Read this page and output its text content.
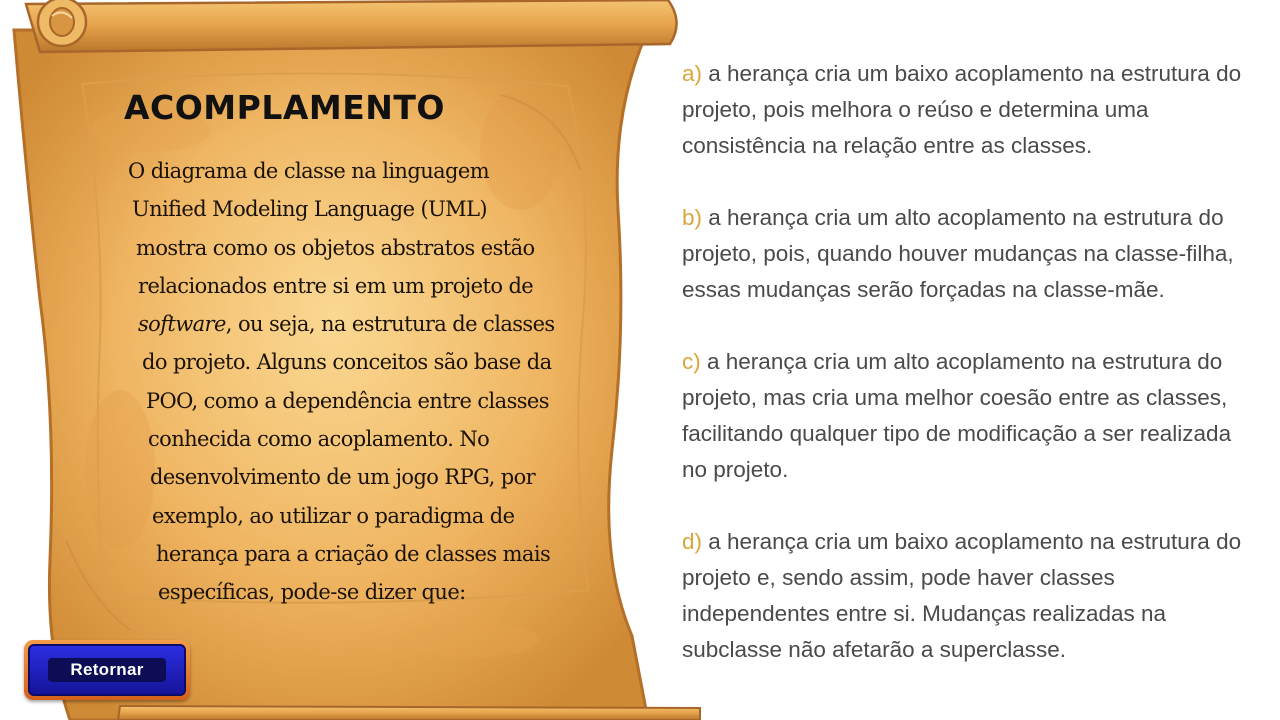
ACOMPLAMENTO
O diagrama de classe na linguagem
Unified Modeling Language (UML)
mostra como os objetos abstratos estão
relacionados entre si em um projeto de
software, ou seja, na estrutura de classes
do projeto. Alguns conceitos são base da
POO, como a dependência entre classes
conhecida como acoplamento. No
desenvolvimento de um jogo RPG, por
exemplo, ao utilizar o paradigma de
herança para a criação de classes mais
específicas, pode-se dizer que:

a) a herança cria um baixo acoplamento na estrutura do projeto, pois melhora o reúso e determina uma consistência na relação entre as classes.

b) a herança cria um alto acoplamento na estrutura do projeto, pois, quando houver mudanças na classe-filha, essas mudanças serão forçadas na classe-mãe.

c) a herança cria um alto acoplamento na estrutura do projeto, mas cria uma melhor coesão entre as classes, facilitando qualquer tipo de modificação a ser realizada no projeto.

d) a herança cria um baixo acoplamento na estrutura do projeto e, sendo assim, pode haver classes independentes entre si. Mudanças realizadas na subclasse não afetarão a superclasse.

Retornar
